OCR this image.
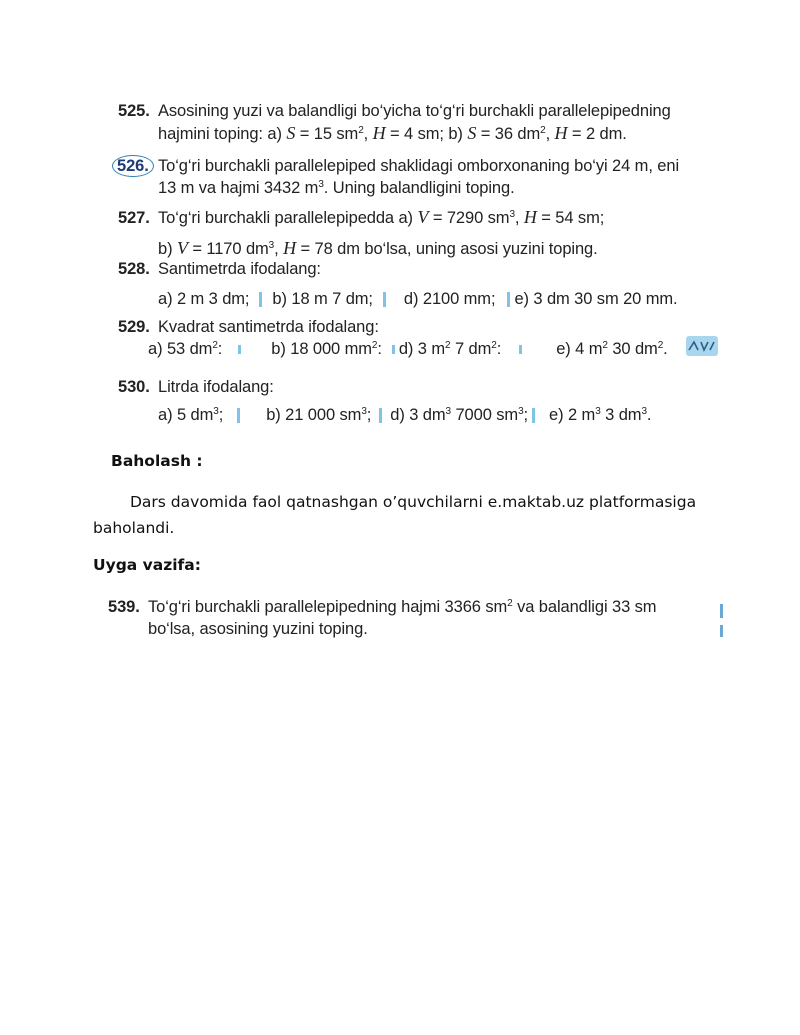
525. Asosining yuzi va balandligi bo‘yicha to‘g‘ri burchakli parallelepipedning
hajmini toping: a) S = 15 $sm^2$, H = 4 sm; b) S = 36 $dm^2$, H = 2 dm.
526. To‘g‘ri burchakli parallelepiped shaklidagi omborxonaning bo‘yi 24 m, eni
13 m va hajmi 3432 $m^3$. Uning balandligini toping.
527. To‘g‘ri burchakli parallelepipedda a) V = 7290 $sm^3$, H = 54 sm;
b) V = 1170 $dm^3$, H = 78 dm bo‘lsa, uning asosi yuzini toping.
528. Santimetrda ifodalang:
a) 2 m 3 dm; b) 18 m 7 dm; d) 2100 mm; e) 3 dm 30 sm 20 mm.
529. Kvadrat santimetrda ifodalang:
a) 53 $dm^2$:	b) 18 000 $mm^2$: d) 3 $m^2$ 7 $dm^2$:	e) 4 $m^2$ 30 $dm^2$.
530. Litrda ifodalang:
a) 5 $dm^3$;	b) 21 000 $sm^3$; d) 3 $dm^3$ 7000 $sm^3$; e) 2 $m^3$ 3 $dm^3$.
Baholash :
Dars davomida faol qatnashgan o’quvchilarni e.maktab.uz platformasiga
baholandi.
Uyga vazifa:
539. To‘g‘ri burchakli parallelepipedning hajmi 3366 $sm^2$ va balandligi 33 sm
bo‘lsa, asosining yuzini toping.
